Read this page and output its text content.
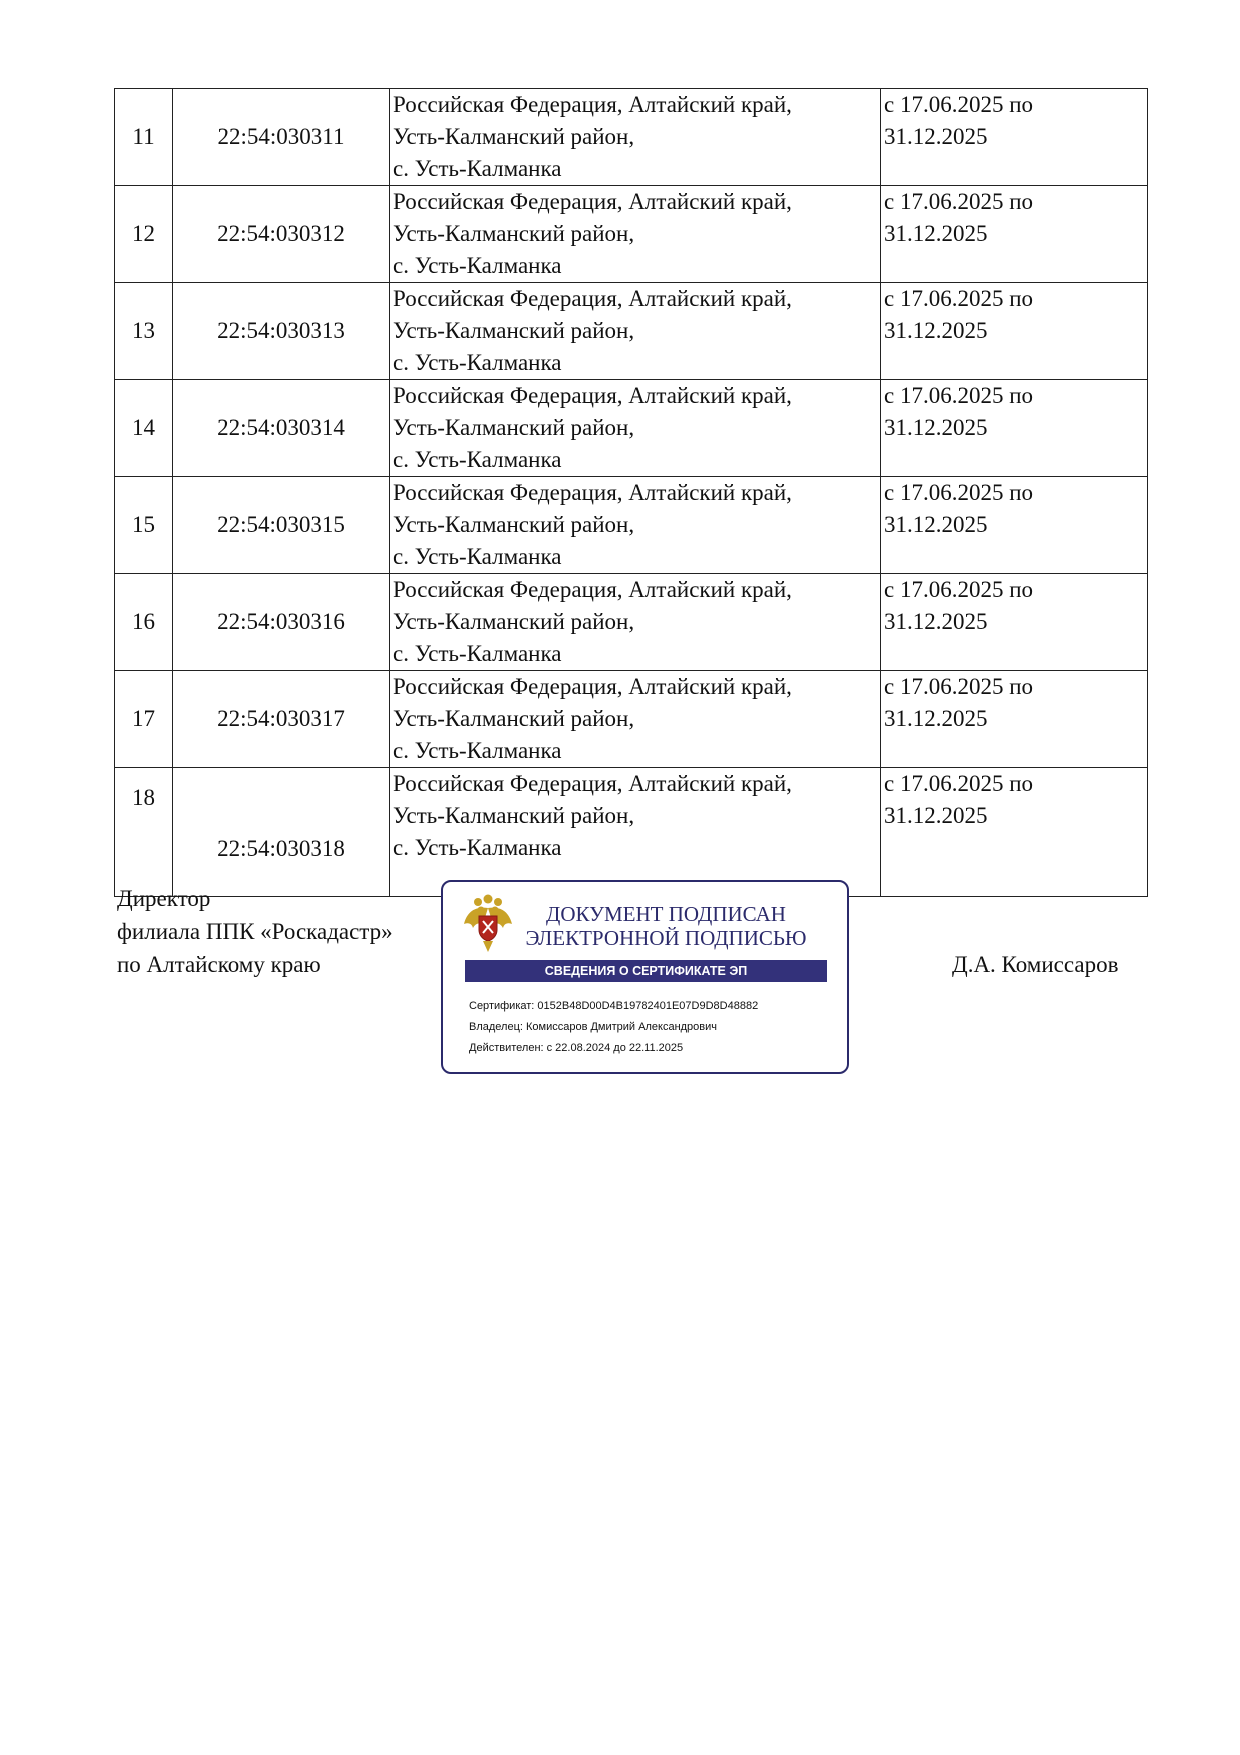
11	22:54:030311	Российская Федерация, Алтайский край,
Усть-Калманский район,
с. Усть-Калманка	с 17.06.2025 по
31.12.2025

12	22:54:030312	Российская Федерация, Алтайский край,
Усть-Калманский район,
с. Усть-Калманка	с 17.06.2025 по
31.12.2025

13	22:54:030313	Российская Федерация, Алтайский край,
Усть-Калманский район,
с. Усть-Калманка	с 17.06.2025 по
31.12.2025

14	22:54:030314	Российская Федерация, Алтайский край,
Усть-Калманский район,
с. Усть-Калманка	с 17.06.2025 по
31.12.2025

15	22:54:030315	Российская Федерация, Алтайский край,
Усть-Калманский район,
с. Усть-Калманка	с 17.06.2025 по
31.12.2025

16	22:54:030316	Российская Федерация, Алтайский край,
Усть-Калманский район,
с. Усть-Калманка	с 17.06.2025 по
31.12.2025

17	22:54:030317	Российская Федерация, Алтайский край,
Усть-Калманский район,
с. Усть-Калманка	с 17.06.2025 по
31.12.2025

18	22:54:030318	Российская Федерация, Алтайский край,
Усть-Калманский район,
с. Усть-Калманка	с 17.06.2025 по
31.12.2025
Директор
филиала ППК «Роскадастр»
по Алтайскому краю
ДОКУМЕНТ ПОДПИСАН
ЭЛЕКТРОННОЙ ПОДПИСЬЮ
СВЕДЕНИЯ О СЕРТИФИКАТЕ ЭП
Сертификат: 0152B48D00D4B19782401E07D9D8D48882
Владелец: Комиссаров Дмитрий Александрович
Действителен: с 22.08.2024 до 22.11.2025
Д.А. Комиссаров
